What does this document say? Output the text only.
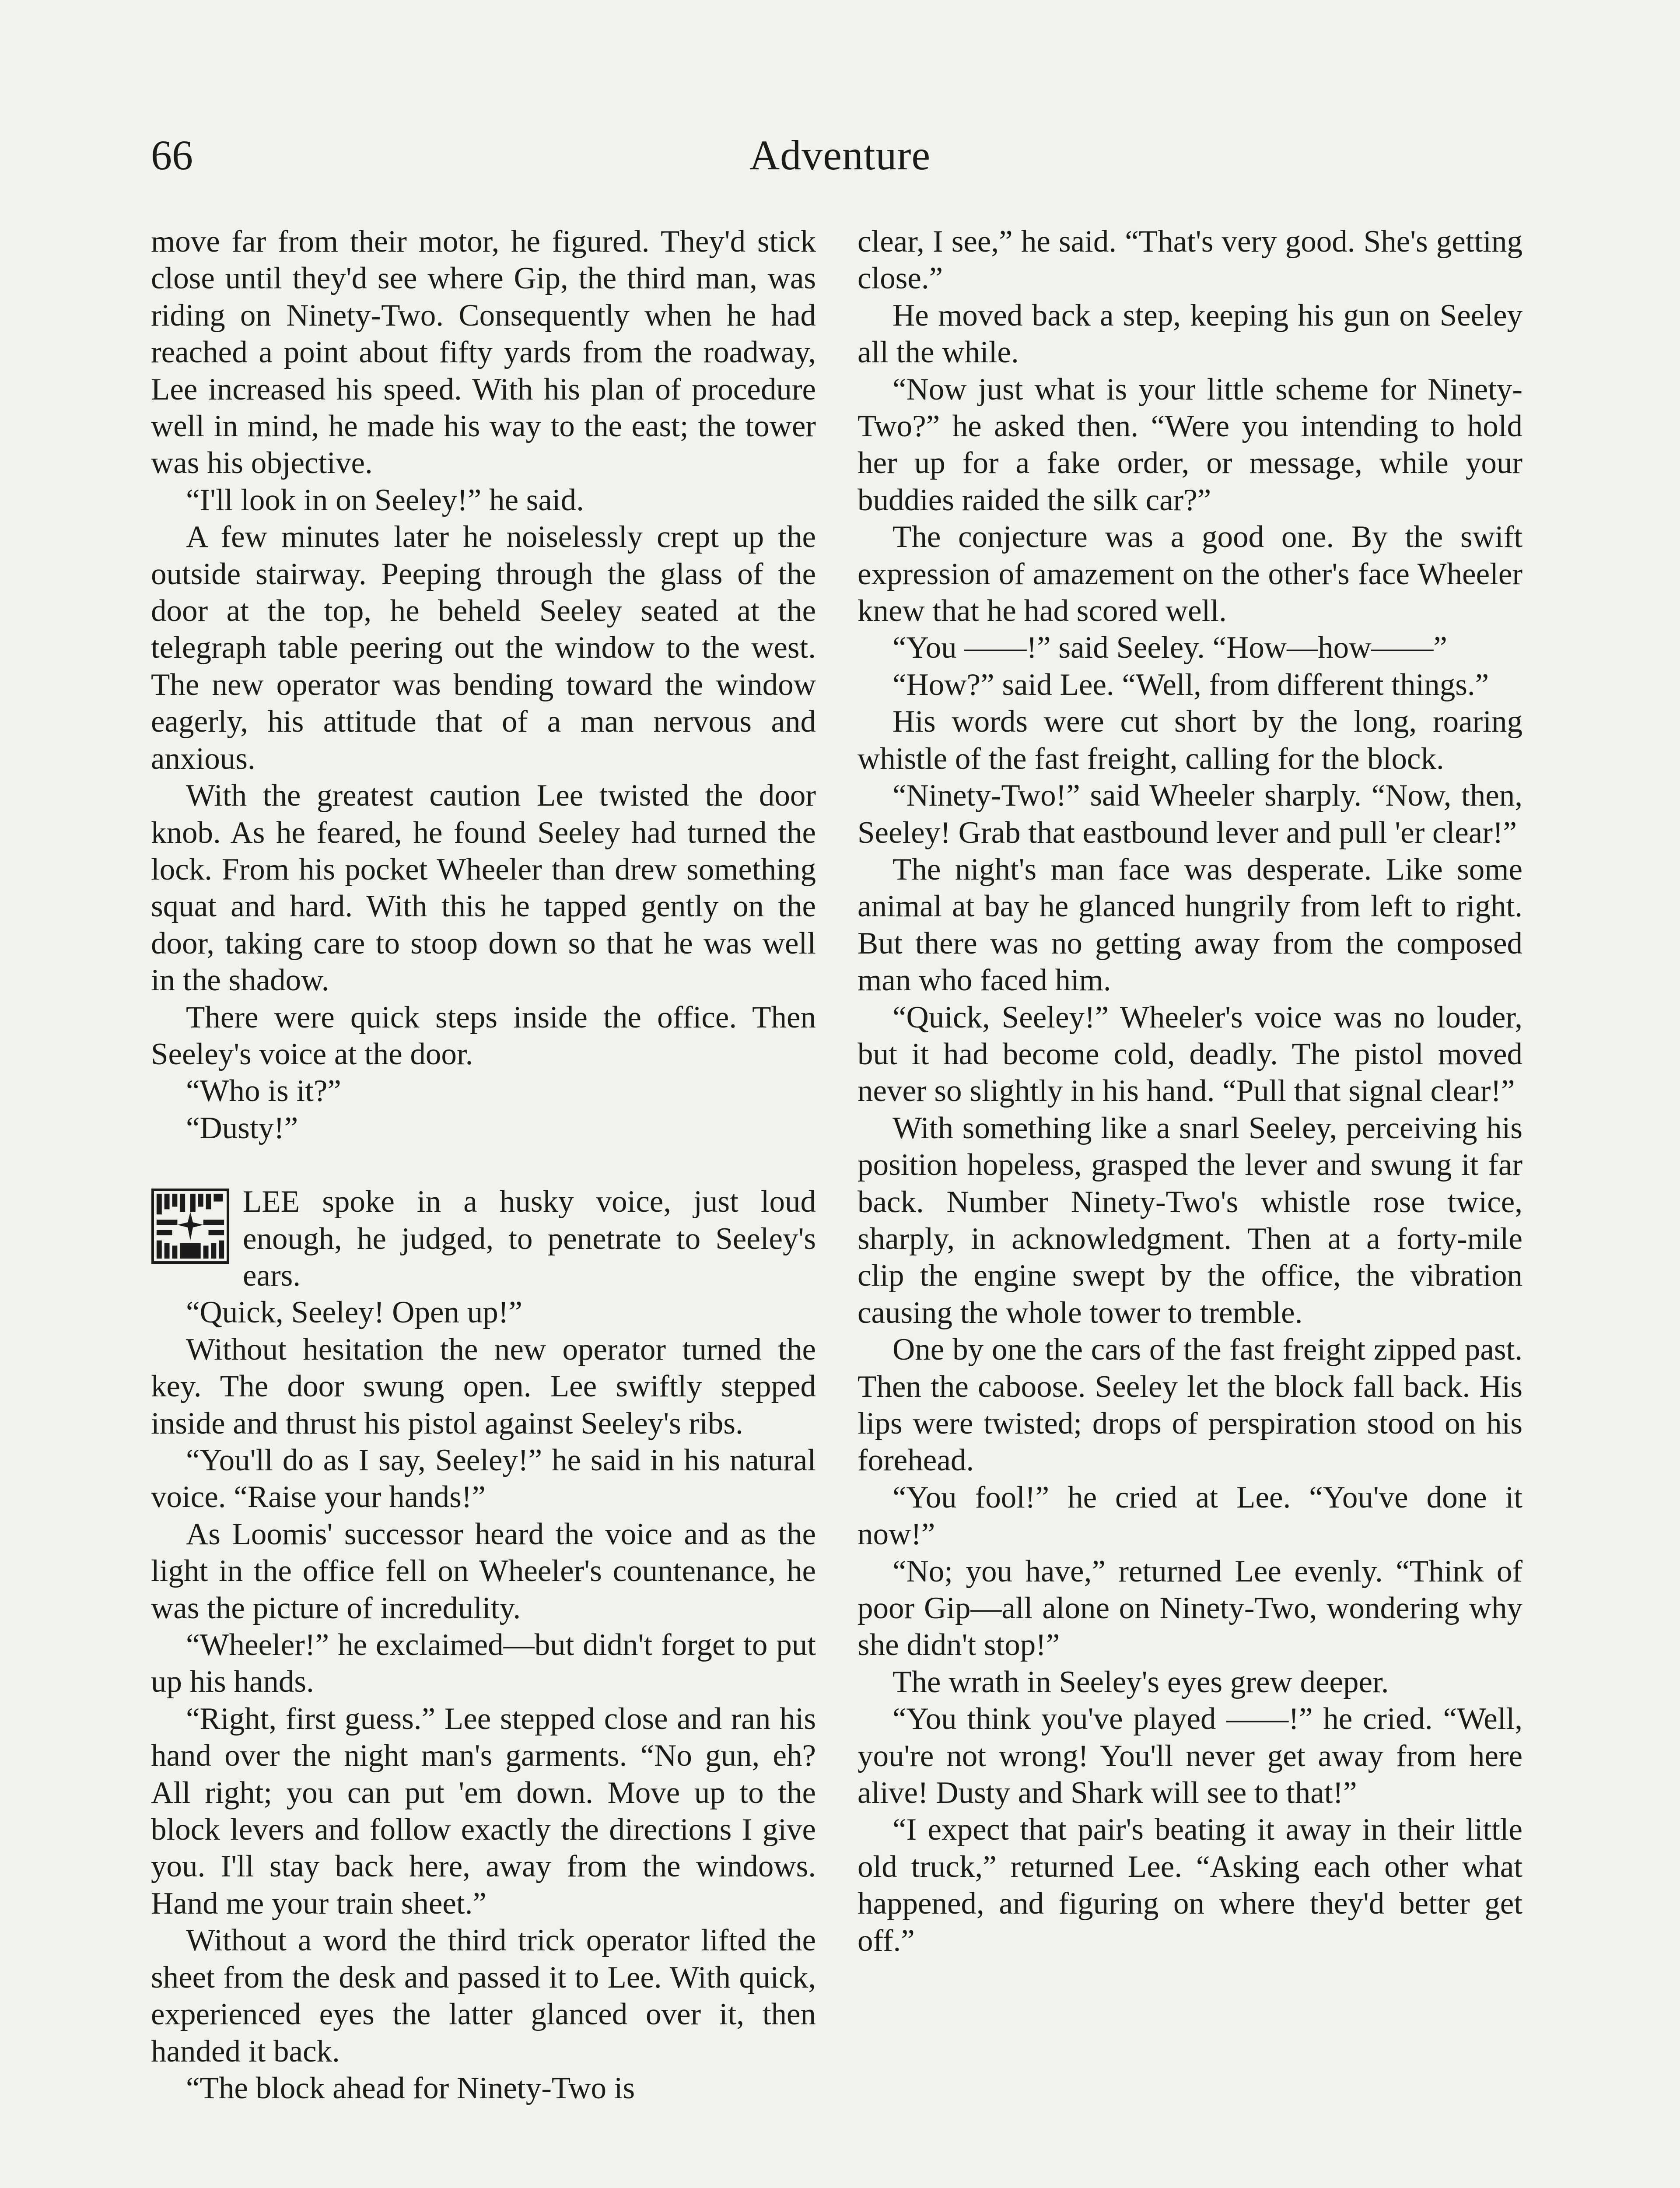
66	Adventure

move far from their motor, he figured. They'd stick close until they'd see where Gip, the third man, was riding on Ninety-Two. Consequently when he had reached a point about fifty yards from the roadway, Lee increased his speed. With his plan of procedure well in mind, he made his way to the east; the tower was his objective.

“I'll look in on Seeley!” he said.

A few minutes later he noiselessly crept up the outside stairway. Peeping through the glass of the door at the top, he beheld Seeley seated at the telegraph table peering out the window to the west. The new operator was bending toward the window eagerly, his attitude that of a man nervous and anxious.

With the greatest caution Lee twisted the door knob. As he feared, he found Seeley had turned the lock. From his pocket Wheeler than drew something squat and hard. With this he tapped gently on the door, taking care to stoop down so that he was well in the shadow.

There were quick steps inside the office. Then Seeley's voice at the door.

“Who is it?”

“Dusty!”

LEE spoke in a husky voice, just loud enough, he judged, to penetrate to Seeley's ears.

“Quick, Seeley! Open up!”

Without hesitation the new operator turned the key. The door swung open. Lee swiftly stepped inside and thrust his pistol against Seeley's ribs.

“You'll do as I say, Seeley!” he said in his natural voice. “Raise your hands!”

As Loomis' successor heard the voice and as the light in the office fell on Wheeler's countenance, he was the picture of incredulity.

“Wheeler!” he exclaimed—but didn't forget to put up his hands.

“Right, first guess.” Lee stepped close and ran his hand over the night man's garments. “No gun, eh? All right; you can put 'em down. Move up to the block levers and follow exactly the directions I give you. I'll stay back here, away from the windows. Hand me your train sheet.”

Without a word the third trick operator lifted the sheet from the desk and passed it to Lee. With quick, experienced eyes the latter glanced over it, then handed it back.

“The block ahead for Ninety-Two is

clear, I see,” he said. “That's very good. She's getting close.”

He moved back a step, keeping his gun on Seeley all the while.

“Now just what is your little scheme for Ninety-Two?” he asked then. “Were you intending to hold her up for a fake order, or message, while your buddies raided the silk car?”

The conjecture was a good one. By the swift expression of amazement on the other's face Wheeler knew that he had scored well.

“You ——!” said Seeley. “How—how——”

“How?” said Lee. “Well, from different things.”

His words were cut short by the long, roaring whistle of the fast freight, calling for the block.

“Ninety-Two!” said Wheeler sharply. “Now, then, Seeley! Grab that eastbound lever and pull 'er clear!”

The night's man face was desperate. Like some animal at bay he glanced hungrily from left to right. But there was no getting away from the composed man who faced him.

“Quick, Seeley!” Wheeler's voice was no louder, but it had become cold, deadly. The pistol moved never so slightly in his hand. “Pull that signal clear!”

With something like a snarl Seeley, perceiving his position hopeless, grasped the lever and swung it far back. Number Ninety-Two's whistle rose twice, sharply, in acknowledgment. Then at a forty-mile clip the engine swept by the office, the vibration causing the whole tower to tremble.

One by one the cars of the fast freight zipped past. Then the caboose. Seeley let the block fall back. His lips were twisted; drops of perspiration stood on his forehead.

“You fool!” he cried at Lee. “You've done it now!”

“No; you have,” returned Lee evenly. “Think of poor Gip—all alone on Ninety-Two, wondering why she didn't stop!”

The wrath in Seeley's eyes grew deeper.

“You think you've played ——!” he cried. “Well, you're not wrong! You'll never get away from here alive! Dusty and Shark will see to that!”

“I expect that pair's beating it away in their little old truck,” returned Lee. “Asking each other what happened, and figuring on where they'd better get off.”
